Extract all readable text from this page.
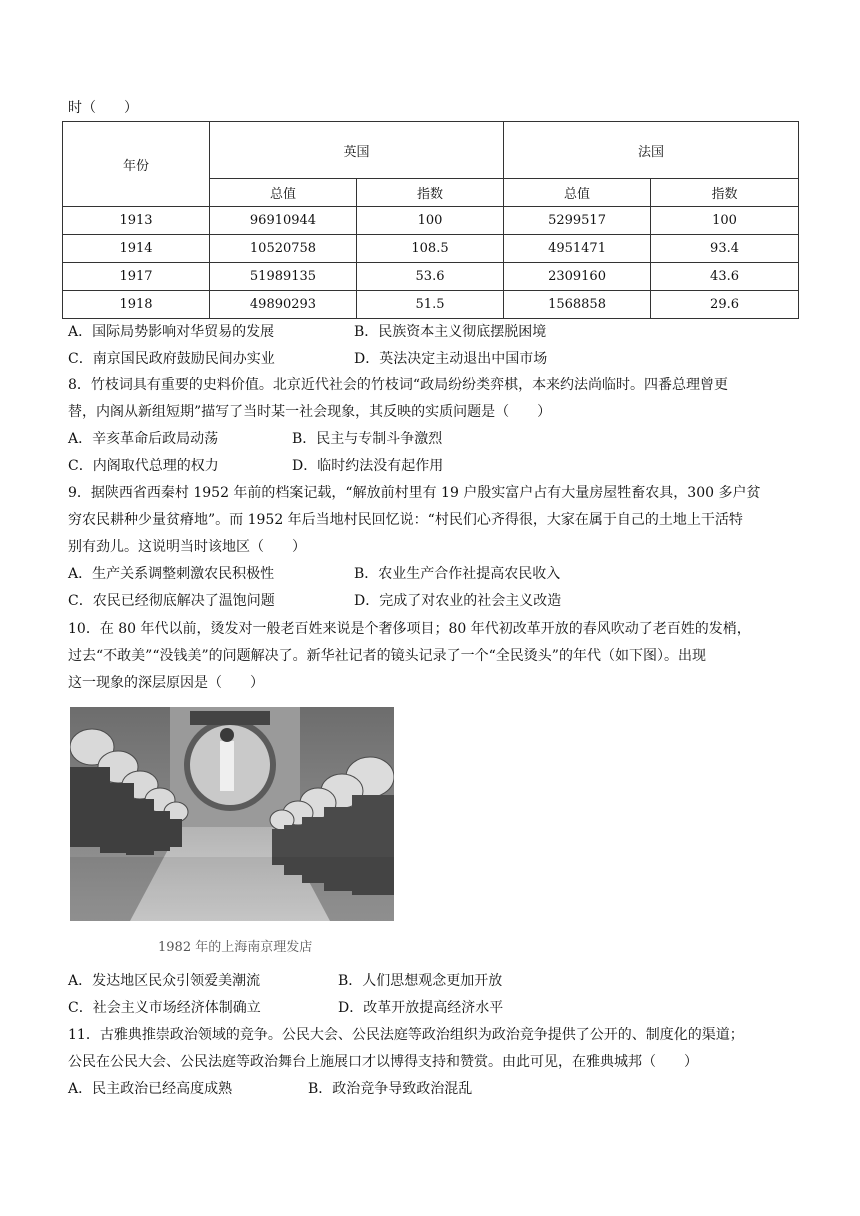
时（　　）
年份	英国		法国	
	总值	指数	总值	指数
1913	96910944	100	5299517	100
1914	10520758	108.5	4951471	93.4
1917	51989135	53.6	2309160	43.6
1918	49890293	51.5	1568858	29.6
A．国际局势影响对华贸易的发展	B．民族资本主义彻底摆脱困境
C．南京国民政府鼓励民间办实业	D．英法决定主动退出中国市场
8．竹枝词具有重要的史料价值。北京近代社会的竹枝词“政局纷纷类弈棋，本来约法尚临时。四番总理曾更
替，内阁从新组短期”描写了当时某一社会现象，其反映的实质问题是（　　）
A．辛亥革命后政局动荡	B．民主与专制斗争激烈
C．内阁取代总理的权力	D．临时约法没有起作用
9．据陕西省西秦村 1952 年前的档案记载，“解放前村里有 19 户殷实富户占有大量房屋牲畜农具，300 多户贫
穷农民耕种少量贫瘠地”。而 1952 年后当地村民回忆说：“村民们心齐得很，大家在属于自己的土地上干活特
别有劲儿。这说明当时该地区（　　）
A．生产关系调整刺激农民积极性	B．农业生产合作社提高农民收入
C．农民已经彻底解决了温饱问题	D．完成了对农业的社会主义改造
10．在 80 年代以前，烫发对一般老百姓来说是个奢侈项目；80 年代初改革开放的春风吹动了老百姓的发梢，
过去“不敢美”“没钱美”的问题解决了。新华社记者的镜头记录了一个“全民烫头”的年代（如下图）。出现
这一现象的深层原因是（　　）
1982 年的上海南京理发店
A．发达地区民众引领爱美潮流	B．人们思想观念更加开放
C．社会主义市场经济体制确立	D．改革开放提高经济水平
11．古雅典推崇政治领域的竞争。公民大会、公民法庭等政治组织为政治竞争提供了公开的、制度化的渠道；
公民在公民大会、公民法庭等政治舞台上施展口才以博得支持和赞赏。由此可见，在雅典城邦（　　）
A．民主政治已经高度成熟	B．政治竞争导致政治混乱
